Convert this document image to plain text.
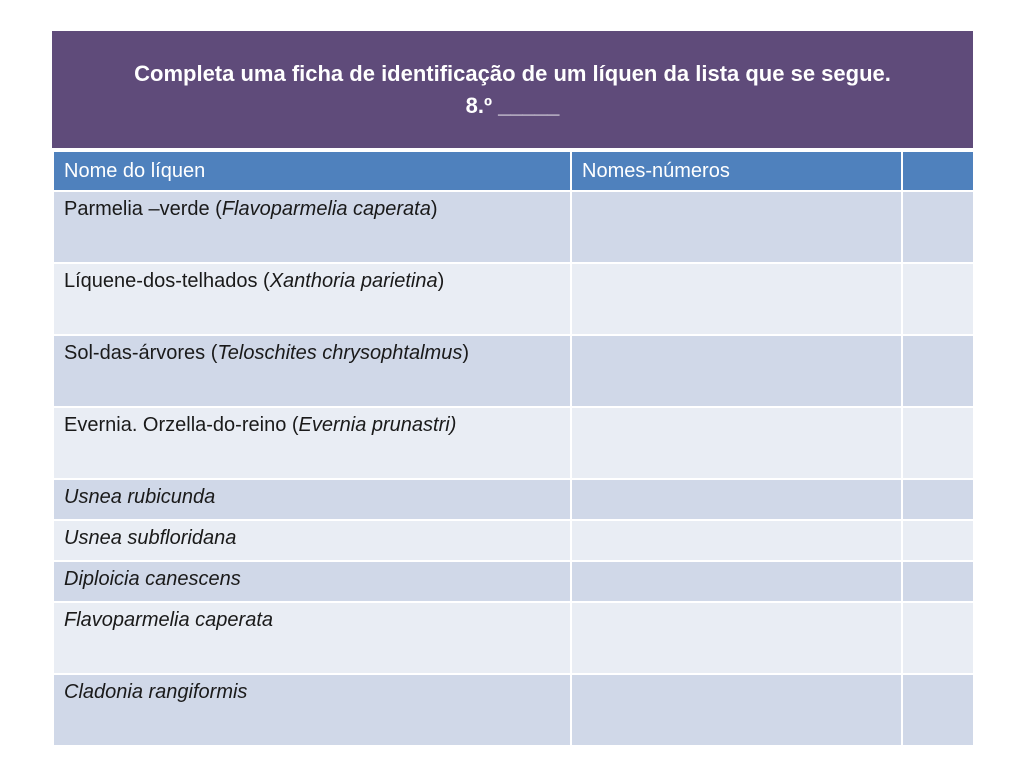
Completa uma ficha de identificação de um líquen da lista que se segue.
8.º _____
Nome do líquen	Nomes-números	
Parmelia –verde (Flavoparmelia caperata)		
Líquene-dos-telhados (Xanthoria parietina)		
Sol-das-árvores (Teloschites chrysophtalmus)		
Evernia. Orzella-do-reino (Evernia prunastri)		
Usnea rubicunda		
Usnea subfloridana		
Diploicia canescens		
Flavoparmelia caperata		
Cladonia rangiformis		
